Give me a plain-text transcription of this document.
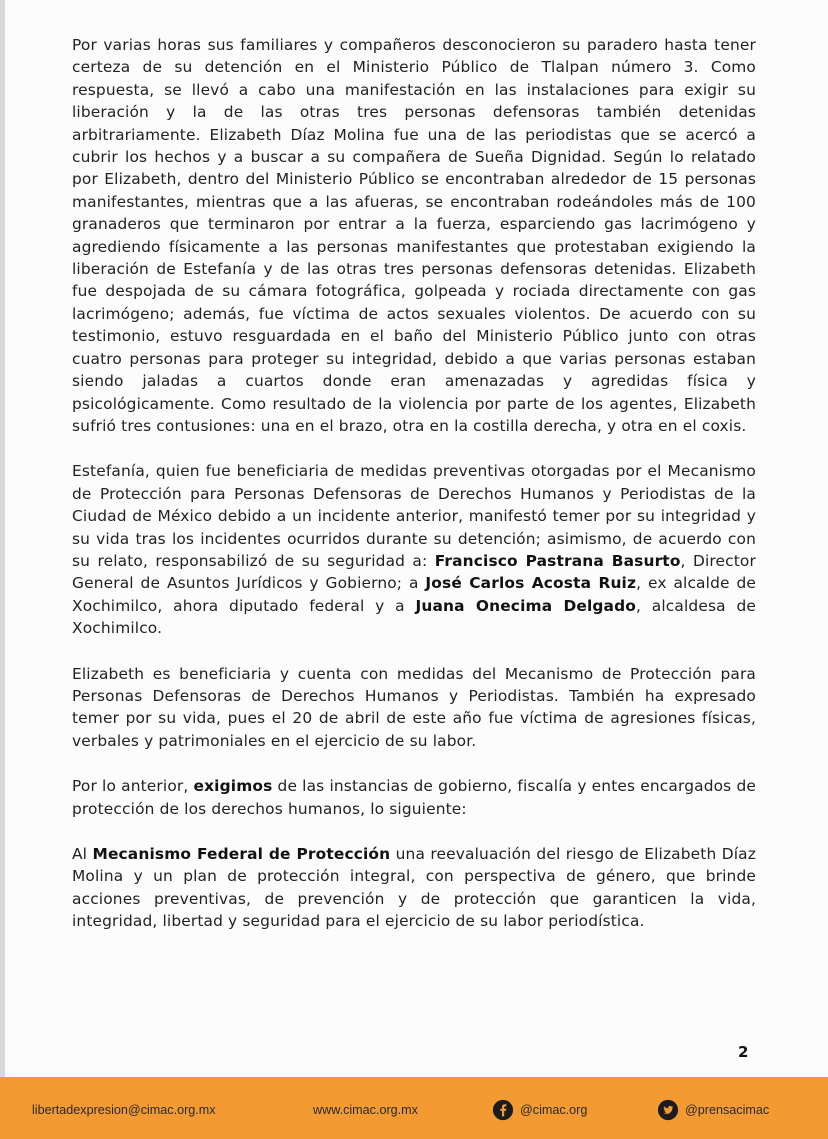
Por varias horas sus familiares y compañeros desconocieron su paradero hasta tener certeza de su detención en el Ministerio Público de Tlalpan número 3. Como respuesta, se llevó a cabo una manifestación en las instalaciones para exigir su liberación y la de las otras tres personas defensoras también detenidas arbitrariamente. Elizabeth Díaz Molina fue una de las periodistas que se acercó a cubrir los hechos y a buscar a su compañera de Sueña Dignidad. Según lo relatado por Elizabeth, dentro del Ministerio Público se encontraban alrededor de 15 personas manifestantes, mientras que a las afueras, se encontraban rodeándoles más de 100 granaderos que terminaron por entrar a la fuerza, esparciendo gas lacrimógeno y agrediendo físicamente a las personas manifestantes que protestaban exigiendo la liberación de Estefanía y de las otras tres personas defensoras detenidas. Elizabeth fue despojada de su cámara fotográfica, golpeada y rociada directamente con gas lacrimógeno; además, fue víctima de actos sexuales violentos. De acuerdo con su testimonio, estuvo resguardada en el baño del Ministerio Público junto con otras cuatro personas para proteger su integridad, debido a que varias personas estaban siendo jaladas a cuartos donde eran amenazadas y agredidas física y psicológicamente. Como resultado de la violencia por parte de los agentes, Elizabeth sufrió tres contusiones: una en el brazo, otra en la costilla derecha, y otra en el coxis.

Estefanía, quien fue beneficiaria de medidas preventivas otorgadas por el Mecanismo de Protección para Personas Defensoras de Derechos Humanos y Periodistas de la Ciudad de México debido a un incidente anterior, manifestó temer por su integridad y su vida tras los incidentes ocurridos durante su detención; asimismo, de acuerdo con su relato, responsabilizó de su seguridad a: Francisco Pastrana Basurto, Director General de Asuntos Jurídicos y Gobierno; a José Carlos Acosta Ruiz, ex alcalde de Xochimilco, ahora diputado federal y a Juana Onecima Delgado, alcaldesa de Xochimilco.

Elizabeth es beneficiaria y cuenta con medidas del Mecanismo de Protección para Personas Defensoras de Derechos Humanos y Periodistas. También ha expresado temer por su vida, pues el 20 de abril de este año fue víctima de agresiones físicas, verbales y patrimoniales en el ejercicio de su labor.

Por lo anterior, exigimos de las instancias de gobierno, fiscalía y entes encargados de protección de los derechos humanos, lo siguiente:

Al Mecanismo Federal de Protección una reevaluación del riesgo de Elizabeth Díaz Molina y un plan de protección integral, con perspectiva de género, que brinde acciones preventivas, de prevención y de protección que garanticen la vida, integridad, libertad y seguridad para el ejercicio de su labor periodística.

2
libertadexpresion@cimac.org.mx	www.cimac.org.mx	@cimac.org	@prensacimac
